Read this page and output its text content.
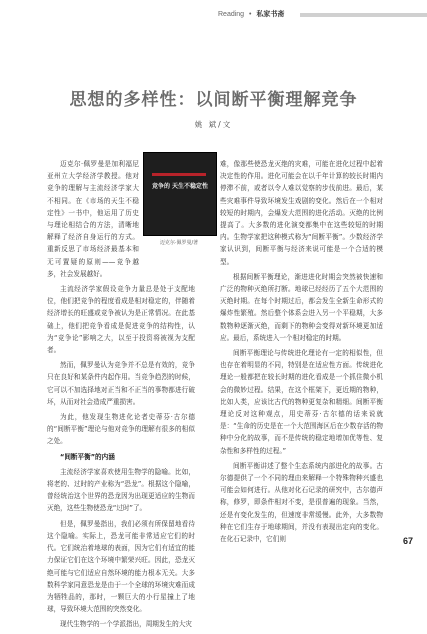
Reading • 私家书斋
思想的多样性：以间断平衡理解竞争
姚 斌/文

迈克尔·佩罗曼是加利福尼亚州立大学经济学教授。他对竞争的理解与主流经济学家大不相同。在《市场的天生不稳定性》一书中，他运用了历史与理论相结合的方法，清晰地解释了经济自身运行的方式。重新反思了市场经济最基本和无可置疑的原则——竞争越多，社会发展越好。

主流经济学家假设竞争力量总是处于支配地位，他们把竞争的程度看成是相对稳定的，伴随着经济增长的旺盛或竞争被认为是正常情况。在此基础上，他们把竞争看成是促进竞争的结构性，认为“竞争论”影响之大，以至于投资将被视为支配者。

然而，佩罗曼认为竞争并不总是有效的，竞争只在良好和某条件内起作用。当竞争趋烈的时候，它可以不加选择地对正当和不正当的事物都进行破坏，从而对社会造成严重损害。

为此，他发现生物进化论者史蒂芬·古尔德的“间断平衡”理论与他对竞争的理解有很多的相似之处。

“间断平衡”的内涵

主流经济学家喜欢使用生物学的隐喻。比如，将老的、过时的产业称为“恐龙”。根据这个隐喻，曾经统治这个世界的恐龙因为出现更适应的生物而灭绝，这些生物使恐龙“过时”了。

但是，佩罗曼指出，我们必须有所保留地看待这个隐喻。实际上，恐龙可能非常适应它们的时代。它们统治着地球的表面，因为它们有适宜的能力保证它们在这个环境中繁荣兴旺。因此，恐龙灭绝可能与它们适应自然环境的能力根本无关。大多数科学家同意恐龙是由于一个全球的环境灾难而成为牺牲品的，那时，一颗巨大的小行星撞上了地球，导致环境大范围的突然变化。

现代生物学的一个学派指出，周期发生的大灾

竞争的 天生不稳定性
迈克尔·佩罗曼/著

难，像那些使恐龙灭绝的灾难，可能在进化过程中起着决定性的作用。进化可能会在以千年计算的较长时期内停滞不前，或者以令人难以觉察的步伐前进。最后，某些灾难事件导致环境发生戏剧的变化。然后在一个相对较短的时期内，会爆发大范围的进化活动。灭绝的比例提高了。大多数的进化演变都集中在这些较短的时期内。生物学家把这种模式称为“间断平衡”。少数经济学家认识到，间断平衡与经济来说可能是一个合适的模型。

根据间断平衡理论，渐进进化时期会突然被快速和广泛的物种灭绝所打断。地球已经经历了五个大范围的灭绝时期。在每个时期过后，都会发生全新生命形式的爆炸性繁殖。然后整个体系会进入另一个平稳期，大多数物种逐渐灭绝，而剩下的物种会变得对新环境更加适应。最后，系统进入一个相对稳定的时期。

间断平衡理论与传统进化理论有一定的相似性，但也存在着明显的不同，特别是在适应性方面。传统进化理论一般都把在较长时期的进化看成是一个抓住微小机会的微妙过程。结果，在这个框架下，更近期的物种，比如人类，应该比古代的物种更复杂和精细。间断平衡理论反对这种观点，用史蒂芬·古尔德的话来说就是：“生命的历史是在一个大范围海区后在少数存活的物种中分化的故事，而不是传统的稳定地增加优等性、复杂性和多样性的过程。”

间断平衡讲述了整个生态系统内部进化的故事。古尔德提供了一个不同的理由来解释一个特殊物种兴盛也可能会如何进行。从他对化石记录的研究中，古尔德声称，修罗，即条件相对不变，是很普遍的现象。当然，还是有变化发生的，但速度非常缓慢。此外，大多数物种在它们生存于地球期间，并没有表现出定向的变化。在化石记录中，它们则	67
